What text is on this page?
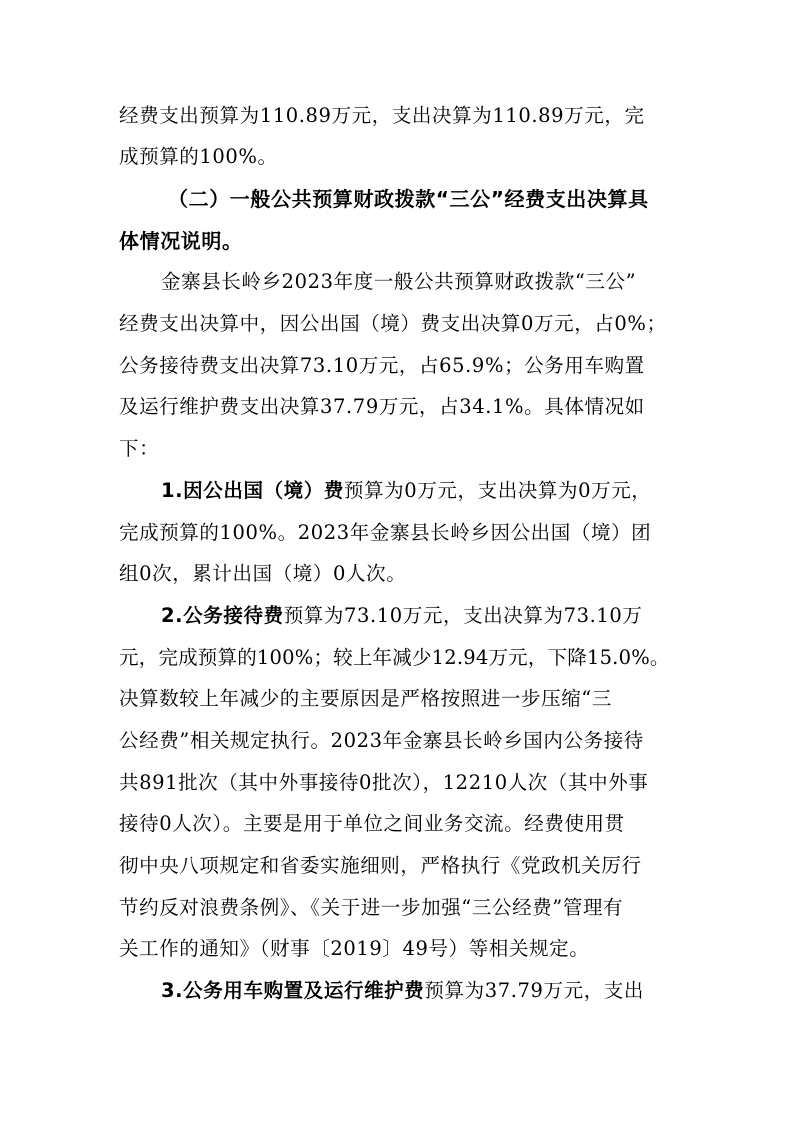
经费支出预算为110.89万元，支出决算为110.89万元，完
成预算的100%。
（二）一般公共预算财政拨款“三公”经费支出决算具
体情况说明。
金寨县长岭乡2023年度一般公共预算财政拨款“三公”
经费支出决算中，因公出国（境）费支出决算0万元，占0%；
公务接待费支出决算73.10万元，占65.9%；公务用车购置
及运行维护费支出决算37.79万元，占34.1%。具体情况如
下：
1.因公出国（境）费预算为0万元，支出决算为0万元，
完成预算的100%。2023年金寨县长岭乡因公出国（境）团
组0次，累计出国（境）0人次。
2.公务接待费预算为73.10万元，支出决算为73.10万
元，完成预算的100%；较上年减少12.94万元，下降15.0%。
决算数较上年减少的主要原因是严格按照进一步压缩“三
公经费”相关规定执行。2023年金寨县长岭乡国内公务接待
共891批次（其中外事接待0批次），12210人次（其中外事
接待0人次）。主要是用于单位之间业务交流。经费使用贯
彻中央八项规定和省委实施细则，严格执行《党政机关厉行
节约反对浪费条例》、《关于进一步加强“三公经费”管理有
关工作的通知》（财事〔2019〕49号）等相关规定。
3.公务用车购置及运行维护费预算为37.79万元，支出
